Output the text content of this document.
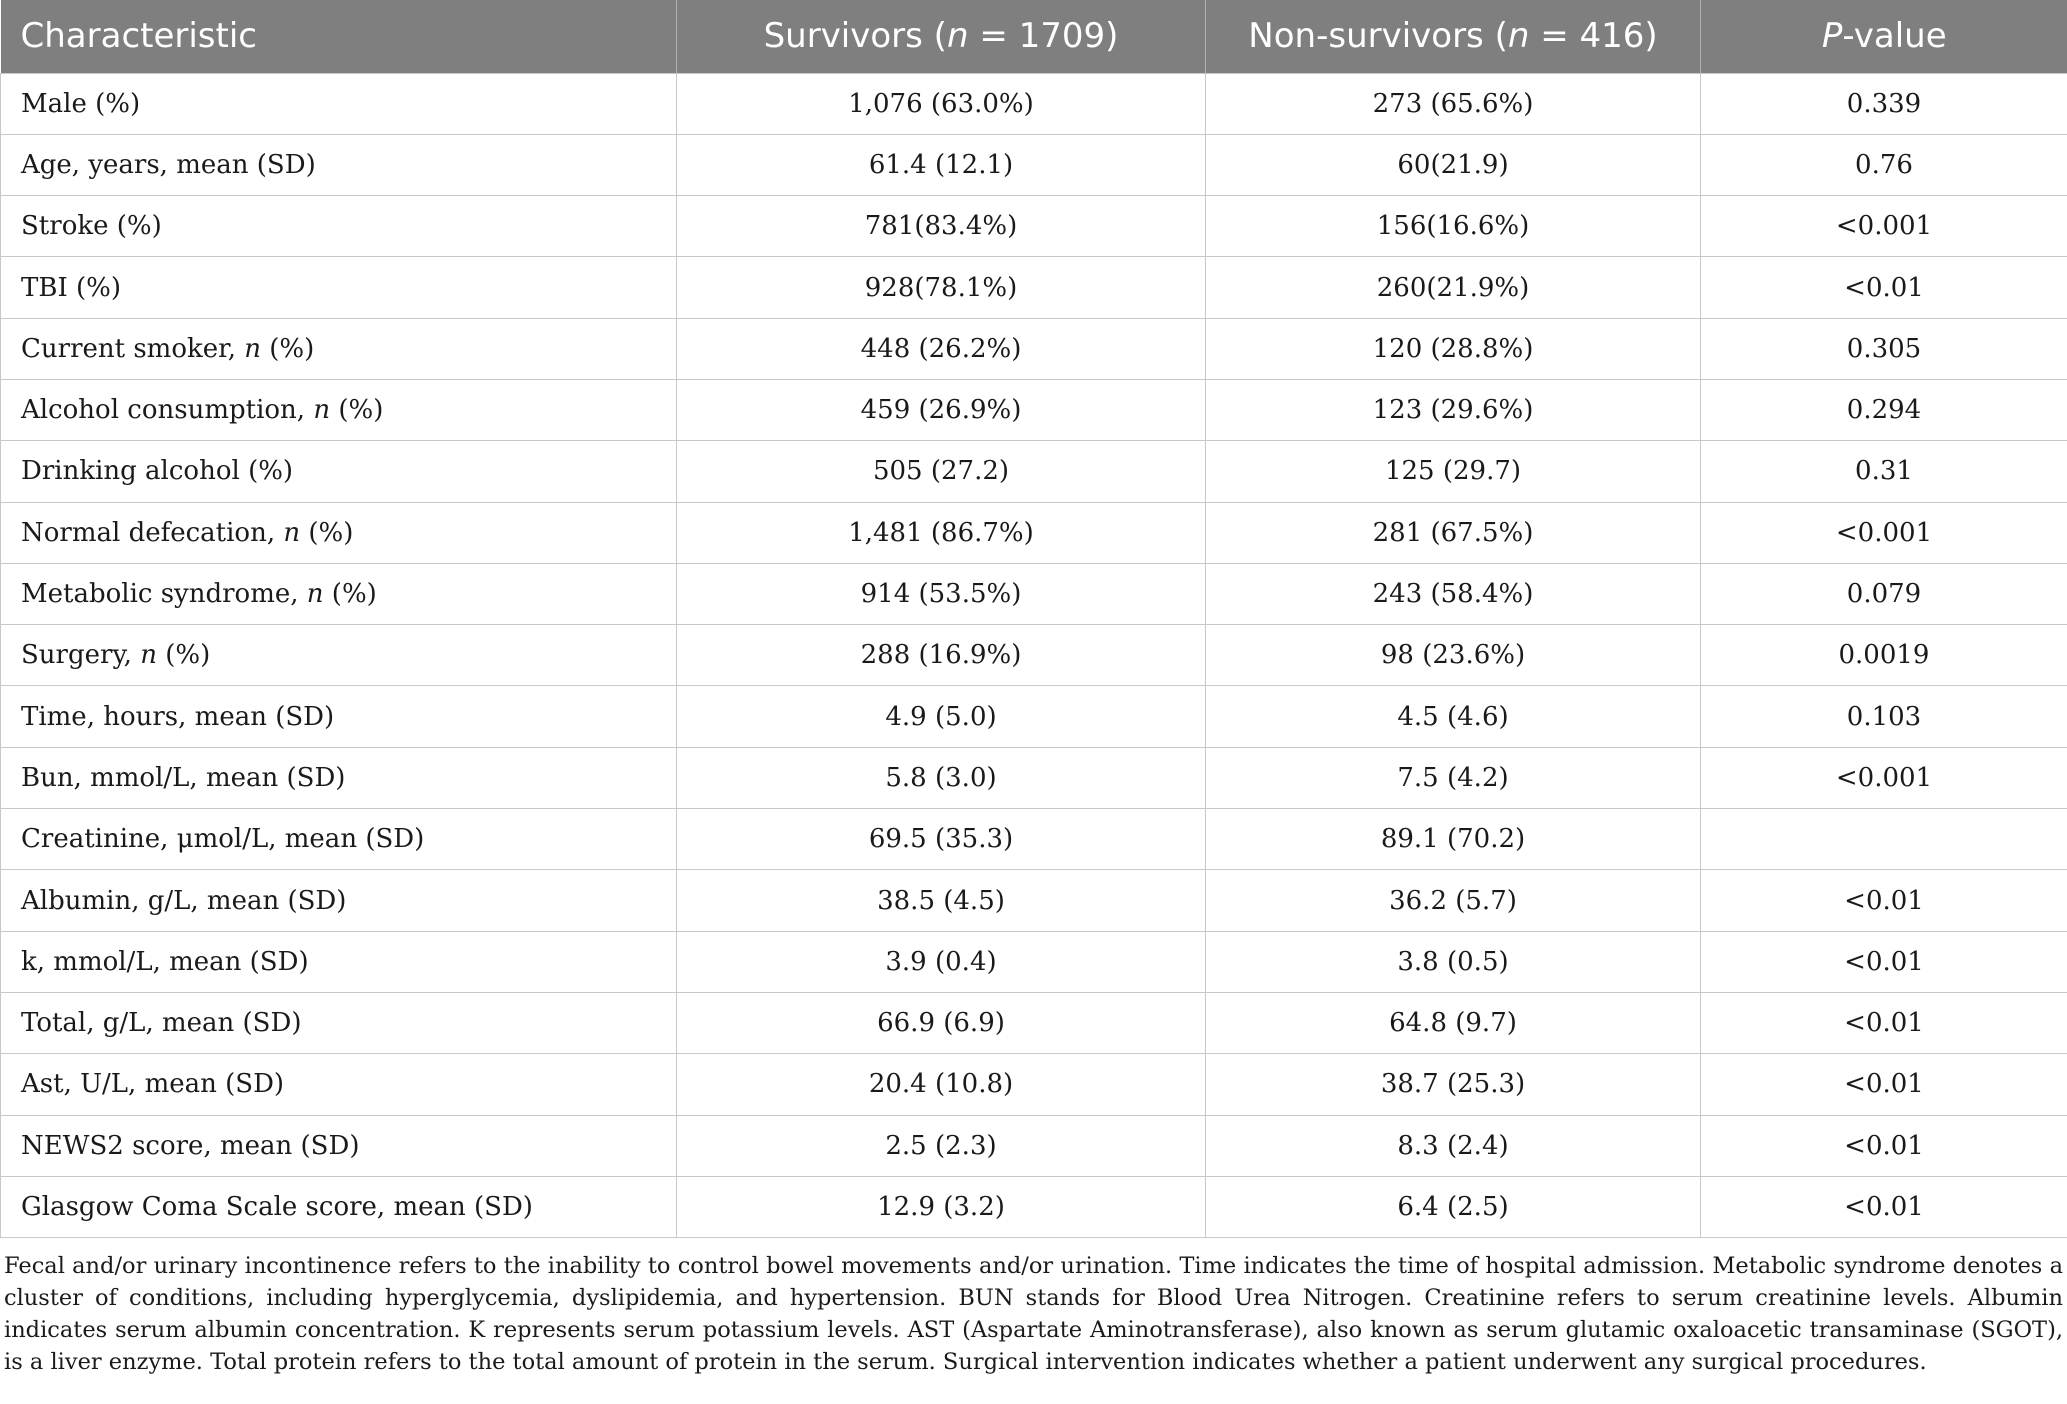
Characteristic	Survivors (n = 1709)	Non-survivors (n = 416)	P-value
Male (%)	1,076 (63.0%)	273 (65.6%)	0.339
Age, years, mean (SD)	61.4 (12.1)	60(21.9)	0.76
Stroke (%)	781(83.4%)	156(16.6%)	<0.001
TBI (%)	928(78.1%)	260(21.9%)	<0.01
Current smoker, n (%)	448 (26.2%)	120 (28.8%)	0.305
Alcohol consumption, n (%)	459 (26.9%)	123 (29.6%)	0.294
Drinking alcohol (%)	505 (27.2)	125 (29.7)	0.31
Normal defecation, n (%)	1,481 (86.7%)	281 (67.5%)	<0.001
Metabolic syndrome, n (%)	914 (53.5%)	243 (58.4%)	0.079
Surgery, n (%)	288 (16.9%)	98 (23.6%)	0.0019
Time, hours, mean (SD)	4.9 (5.0)	4.5 (4.6)	0.103
Bun, mmol/L, mean (SD)	5.8 (3.0)	7.5 (4.2)	<0.001
Creatinine, μmol/L, mean (SD)	69.5 (35.3)	89.1 (70.2)	
Albumin, g/L, mean (SD)	38.5 (4.5)	36.2 (5.7)	<0.01
k, mmol/L, mean (SD)	3.9 (0.4)	3.8 (0.5)	<0.01
Total, g/L, mean (SD)	66.9 (6.9)	64.8 (9.7)	<0.01
Ast, U/L, mean (SD)	20.4 (10.8)	38.7 (25.3)	<0.01
NEWS2 score, mean (SD)	2.5 (2.3)	8.3 (2.4)	<0.01
Glasgow Coma Scale score, mean (SD)	12.9 (3.2)	6.4 (2.5)	<0.01
Fecal and/or urinary incontinence refers to the inability to control bowel movements and/or urination. Time indicates the time of hospital admission. Metabolic syndrome denotes a cluster of conditions, including hyperglycemia, dyslipidemia, and hypertension. BUN stands for Blood Urea Nitrogen. Creatinine refers to serum creatinine levels. Albumin indicates serum albumin concentration. K represents serum potassium levels. AST (Aspartate Aminotransferase), also known as serum glutamic oxaloacetic transaminase (SGOT), is a liver enzyme. Total protein refers to the total amount of protein in the serum. Surgical intervention indicates whether a patient underwent any surgical procedures.
